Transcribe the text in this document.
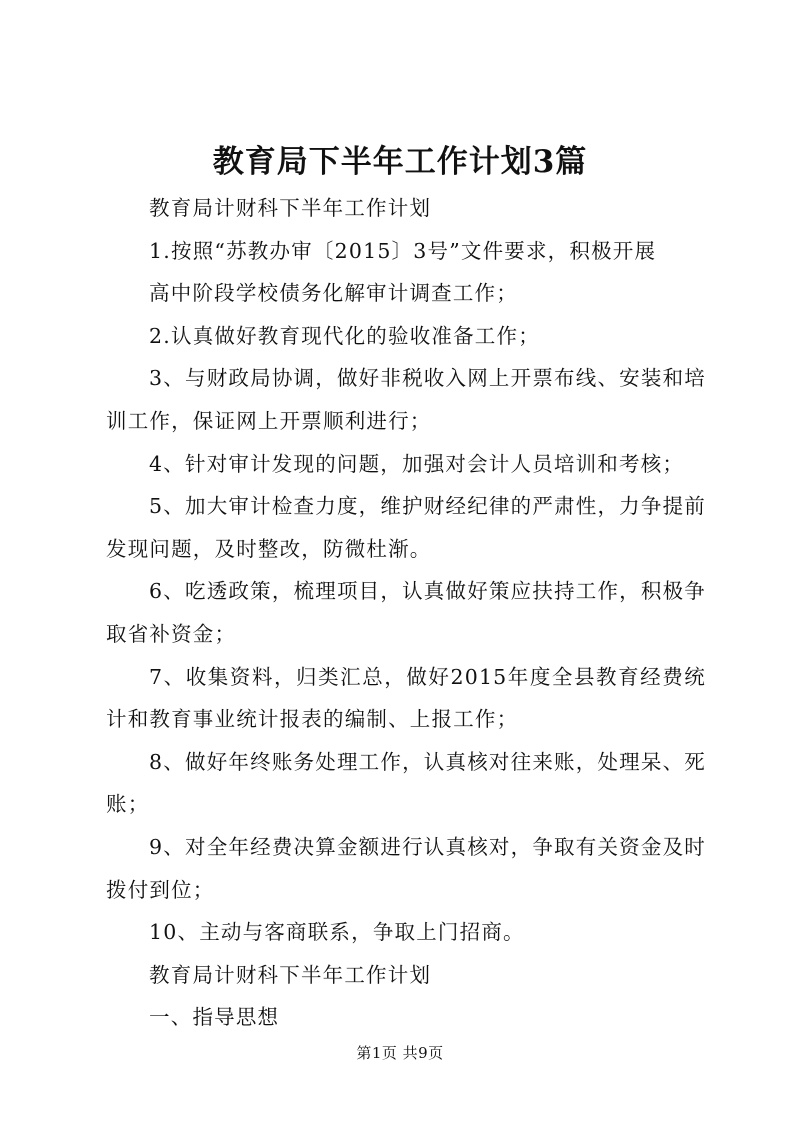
教育局下半年工作计划3篇

教育局计财科下半年工作计划

1.按照“苏教办审〔2015〕3号”文件要求，积极开展

高中阶段学校债务化解审计调查工作；

2.认真做好教育现代化的验收准备工作；

3、与财政局协调，做好非税收入网上开票布线、安装和培训工作，保证网上开票顺利进行；

4、针对审计发现的问题，加强对会计人员培训和考核；

5、加大审计检查力度，维护财经纪律的严肃性，力争提前发现问题，及时整改，防微杜渐。

6、吃透政策，梳理项目，认真做好策应扶持工作，积极争取省补资金；

7、收集资料，归类汇总，做好2015年度全县教育经费统计和教育事业统计报表的编制、上报工作；

8、做好年终账务处理工作，认真核对往来账，处理呆、死账；

9、对全年经费决算金额进行认真核对，争取有关资金及时拨付到位；

10、主动与客商联系，争取上门招商。

教育局计财科下半年工作计划

一、指导思想

第1页 共9页
